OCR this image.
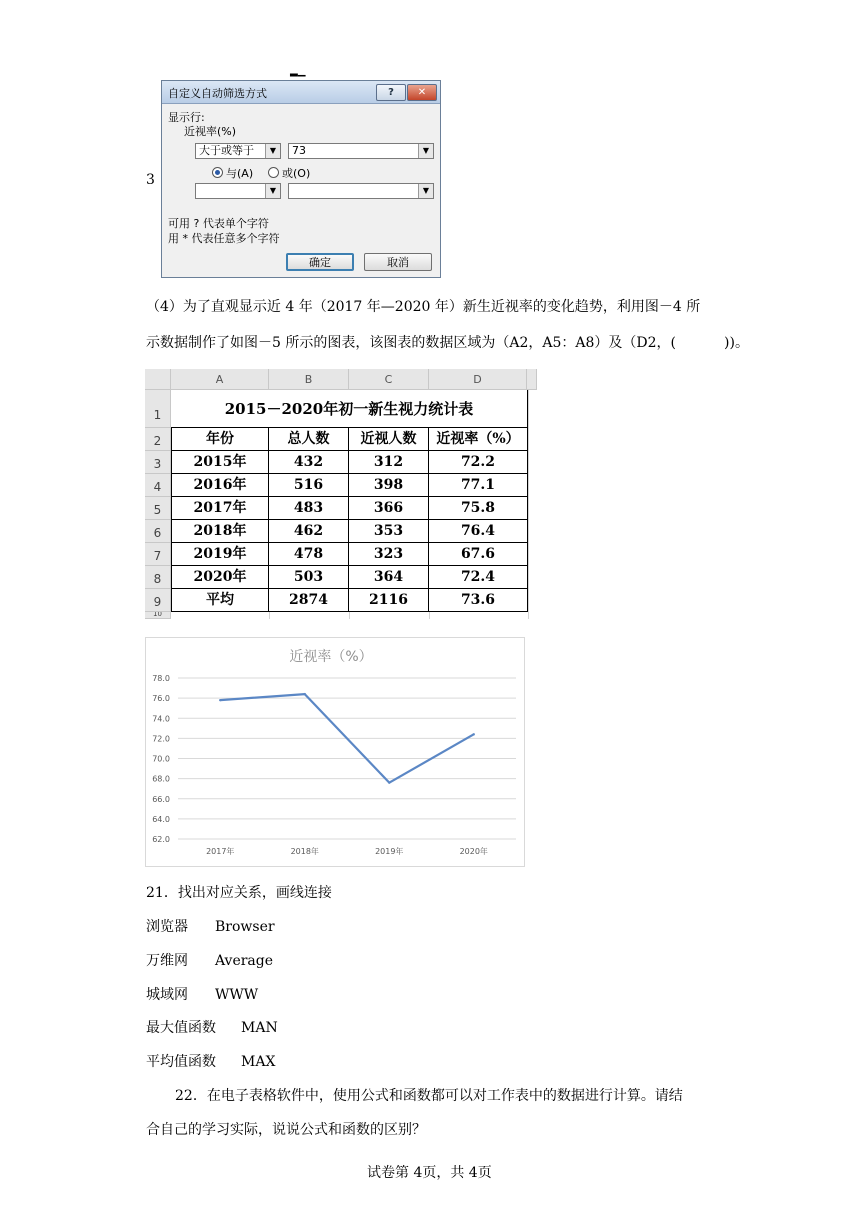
▂▁
3
自定义自动筛选方式	?	✕
显示行:
近视率(%)
大于或等于	▼	73	▼
与(A)	或(O)
▼	▼
可用 ? 代表单个字符
用 * 代表任意多个字符
确定	取消
（4）为了直观显示近 4 年（2017 年—2020 年）新生近视率的变化趋势，利用图－4 所
示数据制作了如图－5 所示的图表，该图表的数据区域为（A2，A5：A8）及（D2，(	))。
A	B	C	D
1
2
3
4
5
6
7
8
9
10
2015－2020年初一新生视力统计表
年份	总人数	近视人数	近视率（%）
2015年	432	312	72.2
2016年	516	398	77.1
2017年	483	366	75.8
2018年	462	353	76.4
2019年	478	323	67.6
2020年	503	364	72.4
平均	2874	2116	73.6
近视率（%）
62.0
64.0
66.0
68.0
70.0
72.0
74.0
76.0
78.0
2017年	2018年	2019年	2020年
21．找出对应关系，画线连接
浏览器 Browser
万维网 Average
城域网 WWW
最大值函数 MAN
平均值函数 MAX
22．在电子表格软件中，使用公式和函数都可以对工作表中的数据进行计算。请结
合自己的学习实际，说说公式和函数的区别？
试卷第 4页，共 4页
